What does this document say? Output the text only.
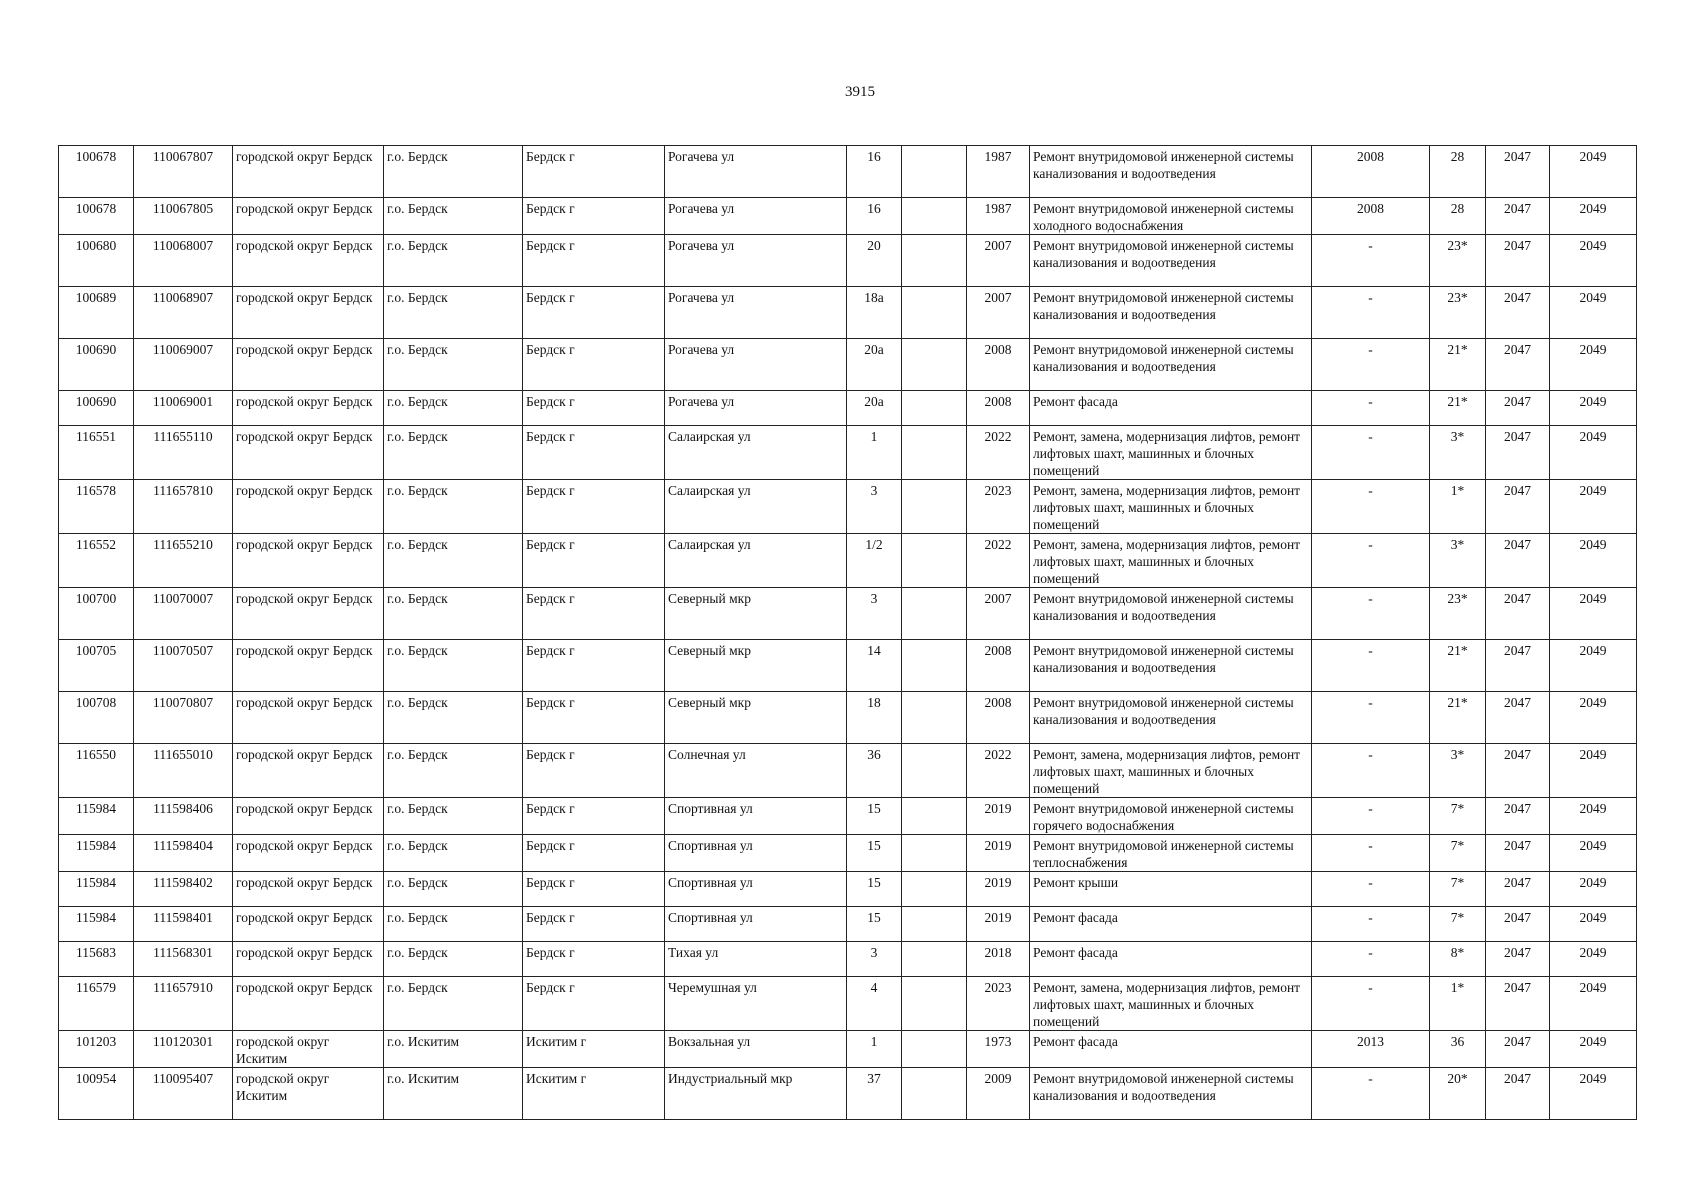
3915
100678	110067807	городской округ Бердск	г.о. Бердск	Бердск г	Рогачева ул	16		1987	Ремонт внутридомовой инженерной системы канализования и водоотведения	2008	28	2047	2049
100678	110067805	городской округ Бердск	г.о. Бердск	Бердск г	Рогачева ул	16		1987	Ремонт внутридомовой инженерной системы холодного водоснабжения	2008	28	2047	2049
100680	110068007	городской округ Бердск	г.о. Бердск	Бердск г	Рогачева ул	20		2007	Ремонт внутридомовой инженерной системы канализования и водоотведения	-	23*	2047	2049
100689	110068907	городской округ Бердск	г.о. Бердск	Бердск г	Рогачева ул	18а		2007	Ремонт внутридомовой инженерной системы канализования и водоотведения	-	23*	2047	2049
100690	110069007	городской округ Бердск	г.о. Бердск	Бердск г	Рогачева ул	20а		2008	Ремонт внутридомовой инженерной системы канализования и водоотведения	-	21*	2047	2049
100690	110069001	городской округ Бердск	г.о. Бердск	Бердск г	Рогачева ул	20а		2008	Ремонт фасада	-	21*	2047	2049
116551	111655110	городской округ Бердск	г.о. Бердск	Бердск г	Салаирская ул	1		2022	Ремонт, замена, модернизация лифтов, ремонт лифтовых шахт, машинных и блочных помещений	-	3*	2047	2049
116578	111657810	городской округ Бердск	г.о. Бердск	Бердск г	Салаирская ул	3		2023	Ремонт, замена, модернизация лифтов, ремонт лифтовых шахт, машинных и блочных помещений	-	1*	2047	2049
116552	111655210	городской округ Бердск	г.о. Бердск	Бердск г	Салаирская ул	1/2		2022	Ремонт, замена, модернизация лифтов, ремонт лифтовых шахт, машинных и блочных помещений	-	3*	2047	2049
100700	110070007	городской округ Бердск	г.о. Бердск	Бердск г	Северный мкр	3		2007	Ремонт внутридомовой инженерной системы канализования и водоотведения	-	23*	2047	2049
100705	110070507	городской округ Бердск	г.о. Бердск	Бердск г	Северный мкр	14		2008	Ремонт внутридомовой инженерной системы канализования и водоотведения	-	21*	2047	2049
100708	110070807	городской округ Бердск	г.о. Бердск	Бердск г	Северный мкр	18		2008	Ремонт внутридомовой инженерной системы канализования и водоотведения	-	21*	2047	2049
116550	111655010	городской округ Бердск	г.о. Бердск	Бердск г	Солнечная ул	36		2022	Ремонт, замена, модернизация лифтов, ремонт лифтовых шахт, машинных и блочных помещений	-	3*	2047	2049
115984	111598406	городской округ Бердск	г.о. Бердск	Бердск г	Спортивная ул	15		2019	Ремонт внутридомовой инженерной системы горячего водоснабжения	-	7*	2047	2049
115984	111598404	городской округ Бердск	г.о. Бердск	Бердск г	Спортивная ул	15		2019	Ремонт внутридомовой инженерной системы теплоснабжения	-	7*	2047	2049
115984	111598402	городской округ Бердск	г.о. Бердск	Бердск г	Спортивная ул	15		2019	Ремонт крыши	-	7*	2047	2049
115984	111598401	городской округ Бердск	г.о. Бердск	Бердск г	Спортивная ул	15		2019	Ремонт фасада	-	7*	2047	2049
115683	111568301	городской округ Бердск	г.о. Бердск	Бердск г	Тихая ул	3		2018	Ремонт фасада	-	8*	2047	2049
116579	111657910	городской округ Бердск	г.о. Бердск	Бердск г	Черемушная ул	4		2023	Ремонт, замена, модернизация лифтов, ремонт лифтовых шахт, машинных и блочных помещений	-	1*	2047	2049
101203	110120301	городской округ Искитим	г.о. Искитим	Искитим г	Вокзальная ул	1		1973	Ремонт фасада	2013	36	2047	2049
100954	110095407	городской округ Искитим	г.о. Искитим	Искитим г	Индустриальный мкр	37		2009	Ремонт внутридомовой инженерной системы канализования и водоотведения	-	20*	2047	2049
